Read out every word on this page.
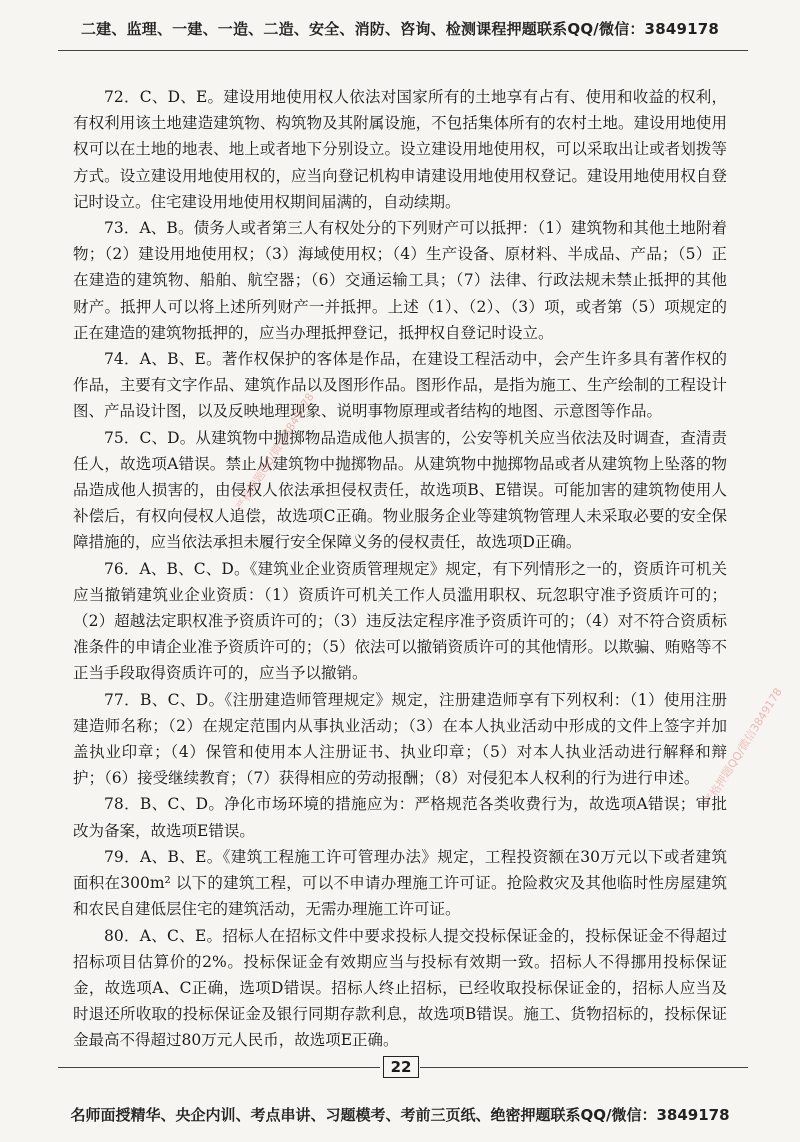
二建、监理、一建、一造、二造、安全、消防、咨询、检测课程押题联系QQ/微信：3849178

72．C、D、E。建设用地使用权人依法对国家所有的土地享有占有、使用和收益的权利，有权利用该土地建造建筑物、构筑物及其附属设施，不包括集体所有的农村土地。建设用地使用权可以在土地的地表、地上或者地下分别设立。设立建设用地使用权，可以采取出让或者划拨等方式。设立建设用地使用权的，应当向登记机构申请建设用地使用权登记。建设用地使用权自登记时设立。住宅建设用地使用权期间届满的，自动续期。

73．A、B。债务人或者第三人有权处分的下列财产可以抵押：（1）建筑物和其他土地附着物；（2）建设用地使用权；（3）海域使用权；（4）生产设备、原材料、半成品、产品；（5）正在建造的建筑物、船舶、航空器；（6）交通运输工具；（7）法律、行政法规未禁止抵押的其他财产。抵押人可以将上述所列财产一并抵押。上述（1）、（2）、（3）项，或者第（5）项规定的正在建造的建筑物抵押的，应当办理抵押登记，抵押权自登记时设立。

74．A、B、E。著作权保护的客体是作品，在建设工程活动中，会产生许多具有著作权的作品，主要有文字作品、建筑作品以及图形作品。图形作品，是指为施工、生产绘制的工程设计图、产品设计图，以及反映地理现象、说明事物原理或者结构的地图、示意图等作品。

75．C、D。从建筑物中抛掷物品造成他人损害的，公安等机关应当依法及时调查，查清责任人，故选项A错误。禁止从建筑物中抛掷物品。从建筑物中抛掷物品或者从建筑物上坠落的物品造成他人损害的，由侵权人依法承担侵权责任，故选项B、E错误。可能加害的建筑物使用人补偿后，有权向侵权人追偿，故选项C正确。物业服务企业等建筑物管理人未采取必要的安全保障措施的，应当依法承担未履行安全保障义务的侵权责任，故选项D正确。

76．A、B、C、D。《建筑业企业资质管理规定》规定，有下列情形之一的，资质许可机关应当撤销建筑业企业资质：（1）资质许可机关工作人员滥用职权、玩忽职守准予资质许可的；（2）超越法定职权准予资质许可的；（3）违反法定程序准予资质许可的；（4）对不符合资质标准条件的申请企业准予资质许可的；（5）依法可以撤销资质许可的其他情形。以欺骗、贿赂等不正当手段取得资质许可的，应当予以撤销。

77．B、C、D。《注册建造师管理规定》规定，注册建造师享有下列权利：（1）使用注册建造师名称；（2）在规定范围内从事执业活动；（3）在本人执业活动中形成的文件上签字并加盖执业印章；（4）保管和使用本人注册证书、执业印章；（5）对本人执业活动进行解释和辩护；（6）接受继续教育；（7）获得相应的劳动报酬；（8）对侵犯本人权利的行为进行申述。

78．B、C、D。净化市场环境的措施应为：严格规范各类收费行为，故选项A错误；审批改为备案，故选项E错误。

79．A、B、E。《建筑工程施工许可管理办法》规定，工程投资额在30万元以下或者建筑面积在300m² 以下的建筑工程，可以不申请办理施工许可证。抢险救灾及其他临时性房屋建筑和农民自建低层住宅的建筑活动，无需办理施工许可证。

80．A、C、E。招标人在招标文件中要求投标人提交投标保证金的，投标保证金不得超过招标项目估算价的2%。投标保证金有效期应当与投标有效期一致。招标人不得挪用投标保证金，故选项A、C正确，选项D错误。招标人终止招标，已经收取投标保证金的，招标人应当及时退还所收取的投标保证金及银行同期存款利息，故选项B错误。施工、货物招标的，投标保证金最高不得超过80万元人民币，故选项E正确。

严格押题QQ/微信3849178
严格押题QQ/微信3849178
22
名师面授精华、央企内训、考点串讲、习题模考、考前三页纸、绝密押题联系QQ/微信：3849178
